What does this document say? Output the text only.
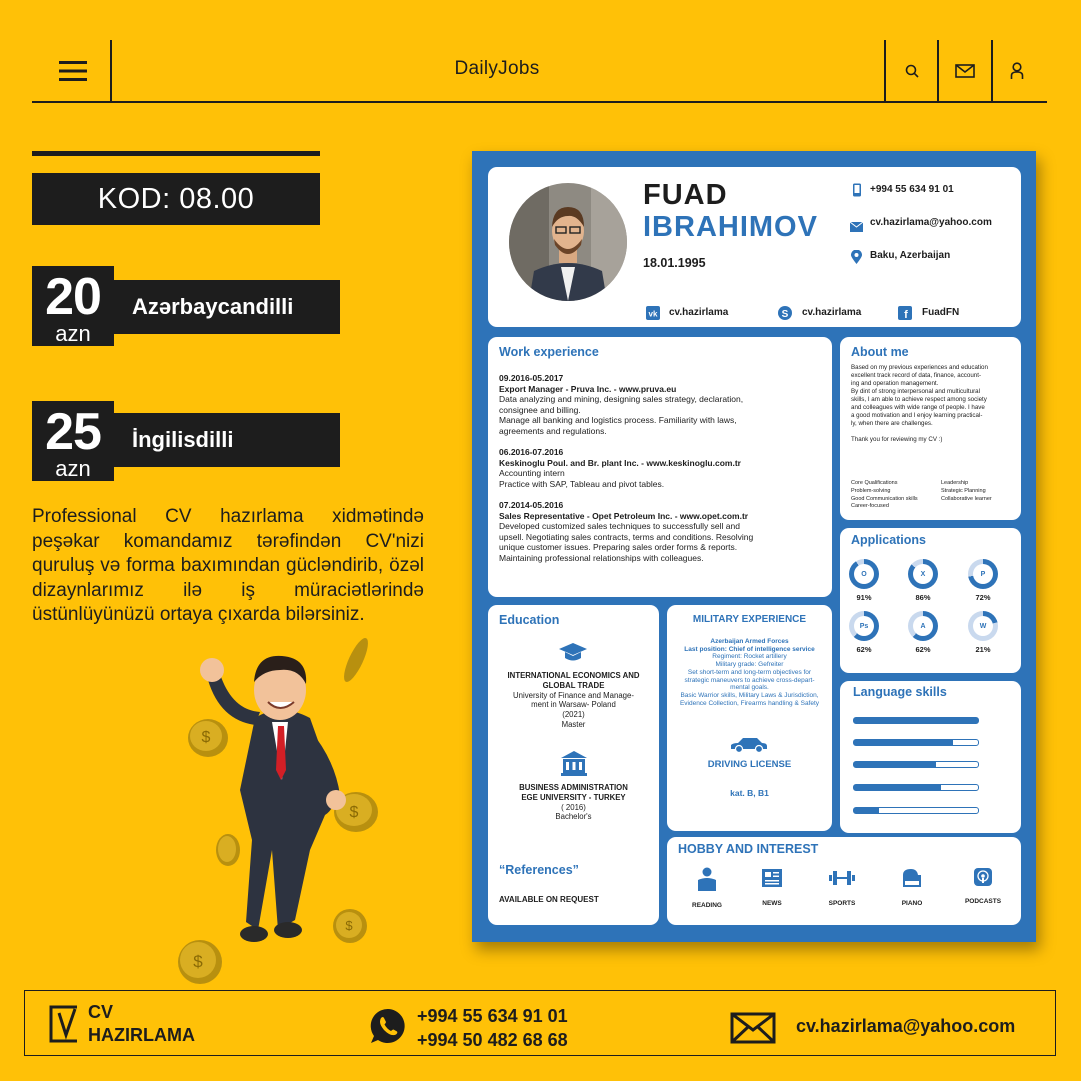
DailyJobs
KOD: 08.00
20
azn
Azərbaycandilli
25
azn
İngilisdilli
Professional CV hazırlama xidmətində peşəkar komandamız tərəfindən CV'nizi quruluş və forma baxımından gücləndirib, özəl dizaynlarımız ilə iş müraciətlərində üstünlüyünüzü ortaya çıxarda bilərsiniz.
$
$
$
$
FUAD
IBRAHIMOV
18.01.1995
+994 55 634 91 01
cv.hazirlama@yahoo.com
Baku, Azerbaijan
vk cv.hazirlama	S cv.hazirlama	f FuadFN
Work experience
09.2016-05.2017
Export Manager - Pruva Inc. - www.pruva.eu
Data analyzing and mining, designing sales strategy, declaration,
consignee and billing.
Manage all banking and logistics process. Familiarity with laws,
agreements and regulations.
06.2016-07.2016
Keskinoglu Poul. and Br. plant Inc. - www.keskinoglu.com.tr
Accounting intern
Practice with SAP, Tableau and pivot tables.
07.2014-05.2016
Sales Representative - Opet Petroleum Inc. - www.opet.com.tr
Developed customized sales techniques to successfully sell and
upsell. Negotiating sales contracts, terms and conditions. Resolving
unique customer issues. Preparing sales order forms & reports.
Maintaining professional relationships with colleagues.
About me
Based on my previous experiences and education
excellent track record of data, finance, account-
ing and operation management.
By dint of strong interpersonal and multicultural
skills, I am able to achieve respect among society
and colleagues with wide range of people. I have
a good motivation and I enjoy learning practical-
ly, when there are challenges.
Thank you for reviewing my CV :)
Core Qualifications
Problem-solving
Good Communication skills
Career-focused
Leadership
Strategic Planning
Collaborative learner
Applications
O
91%
X
86%
P
72%
Ps
62%
A
62%
W
21%
Language skills
Education
INTERNATIONAL ECONOMICS AND
GLOBAL TRADE
University of Finance and Manage-
ment in Warsaw- Poland
(2021)
Master
BUSINESS ADMINISTRATION
EGE UNIVERSITY - TURKEY
( 2016)
Bachelor's
“References”
AVAILABLE ON REQUEST
MILITARY EXPERIENCE
Azerbaijan Armed Forces
Last position: Chief of intelligence service
Regiment: Rocket artillery
Military grade: Gefreiter
Set short-term and long-term objectives for
strategic maneuvers to achieve cross-depart-
mental goals.
Basic Warrior skills, Military Laws & Jurisdiction,
Evidence Collection, Firearms handling & Safety
DRIVING LICENSE
kat. B, B1
HOBBY AND INTEREST
READING	NEWS	SPORTS	PIANO	PODCASTS
CV
HAZIRLAMA
+994 55 634 91 01
+994 50 482 68 68
cv.hazirlama@yahoo.com
